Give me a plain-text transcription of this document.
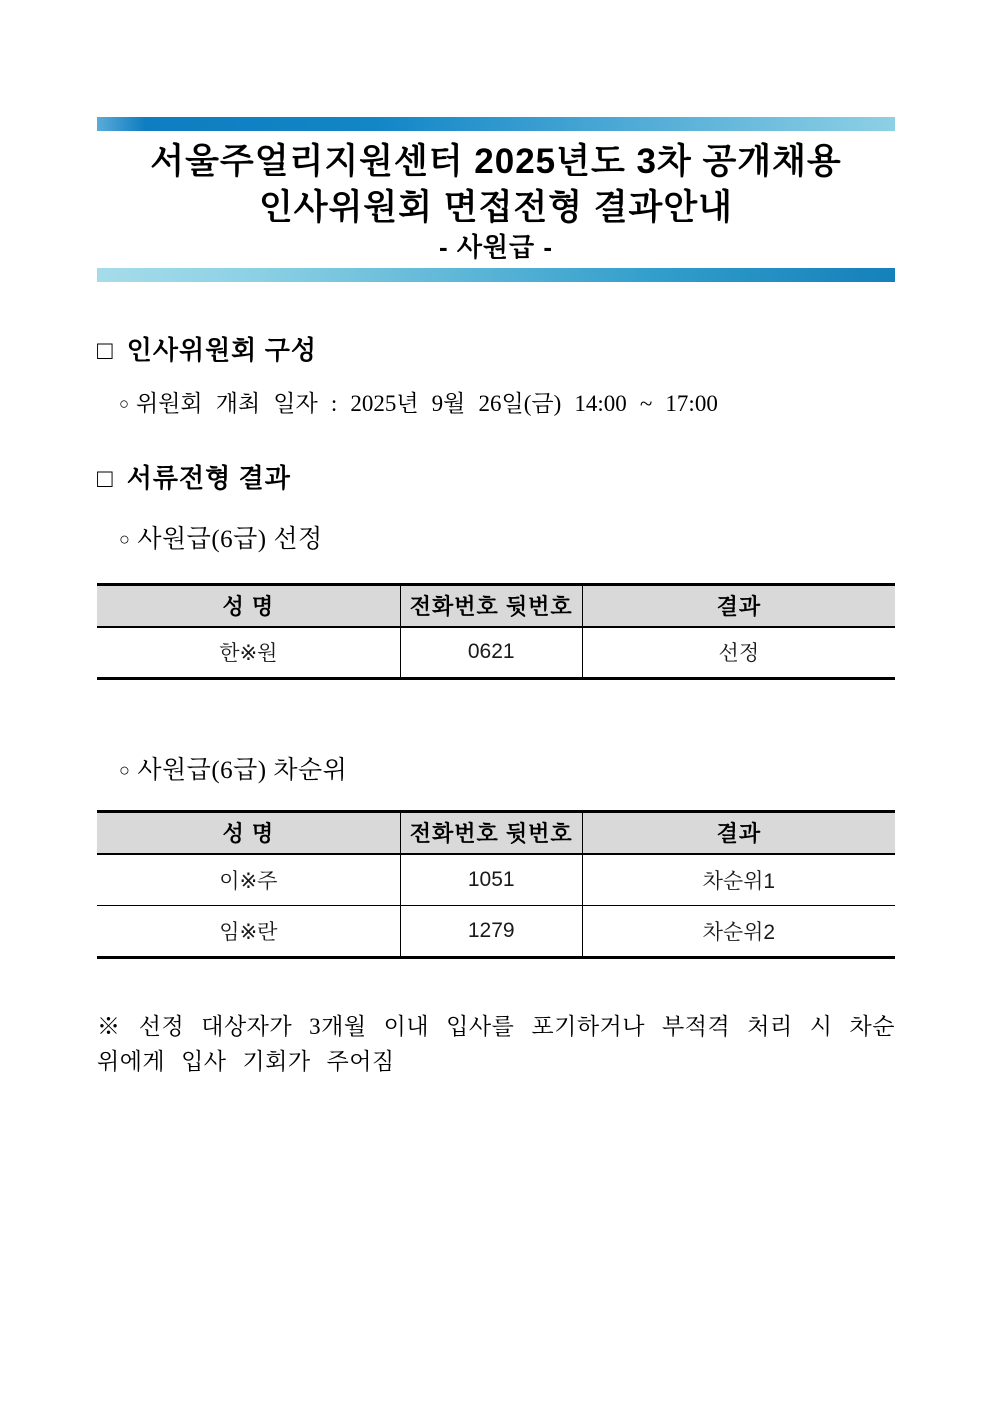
서울주얼리지원센터 2025년도 3차 공개채용
인사위원회 면접전형 결과안내
- 사원급 -
□ 인사위원회 구성
○ 위원회 개최 일자 : 2025년 9월 26일(금) 14:00 ~ 17:00
□ 서류전형 결과
○ 사원급(6급) 선정
성 명	전화번호 뒷번호	결과
한※원	0621	선정
○ 사원급(6급) 차순위
성 명	전화번호 뒷번호	결과
이※주	1051	차순위1
임※란	1279	차순위2
※ 선정 대상자가 3개월 이내 입사를 포기하거나 부적격 처리 시 차순위에게 입사 기회가 주어짐
